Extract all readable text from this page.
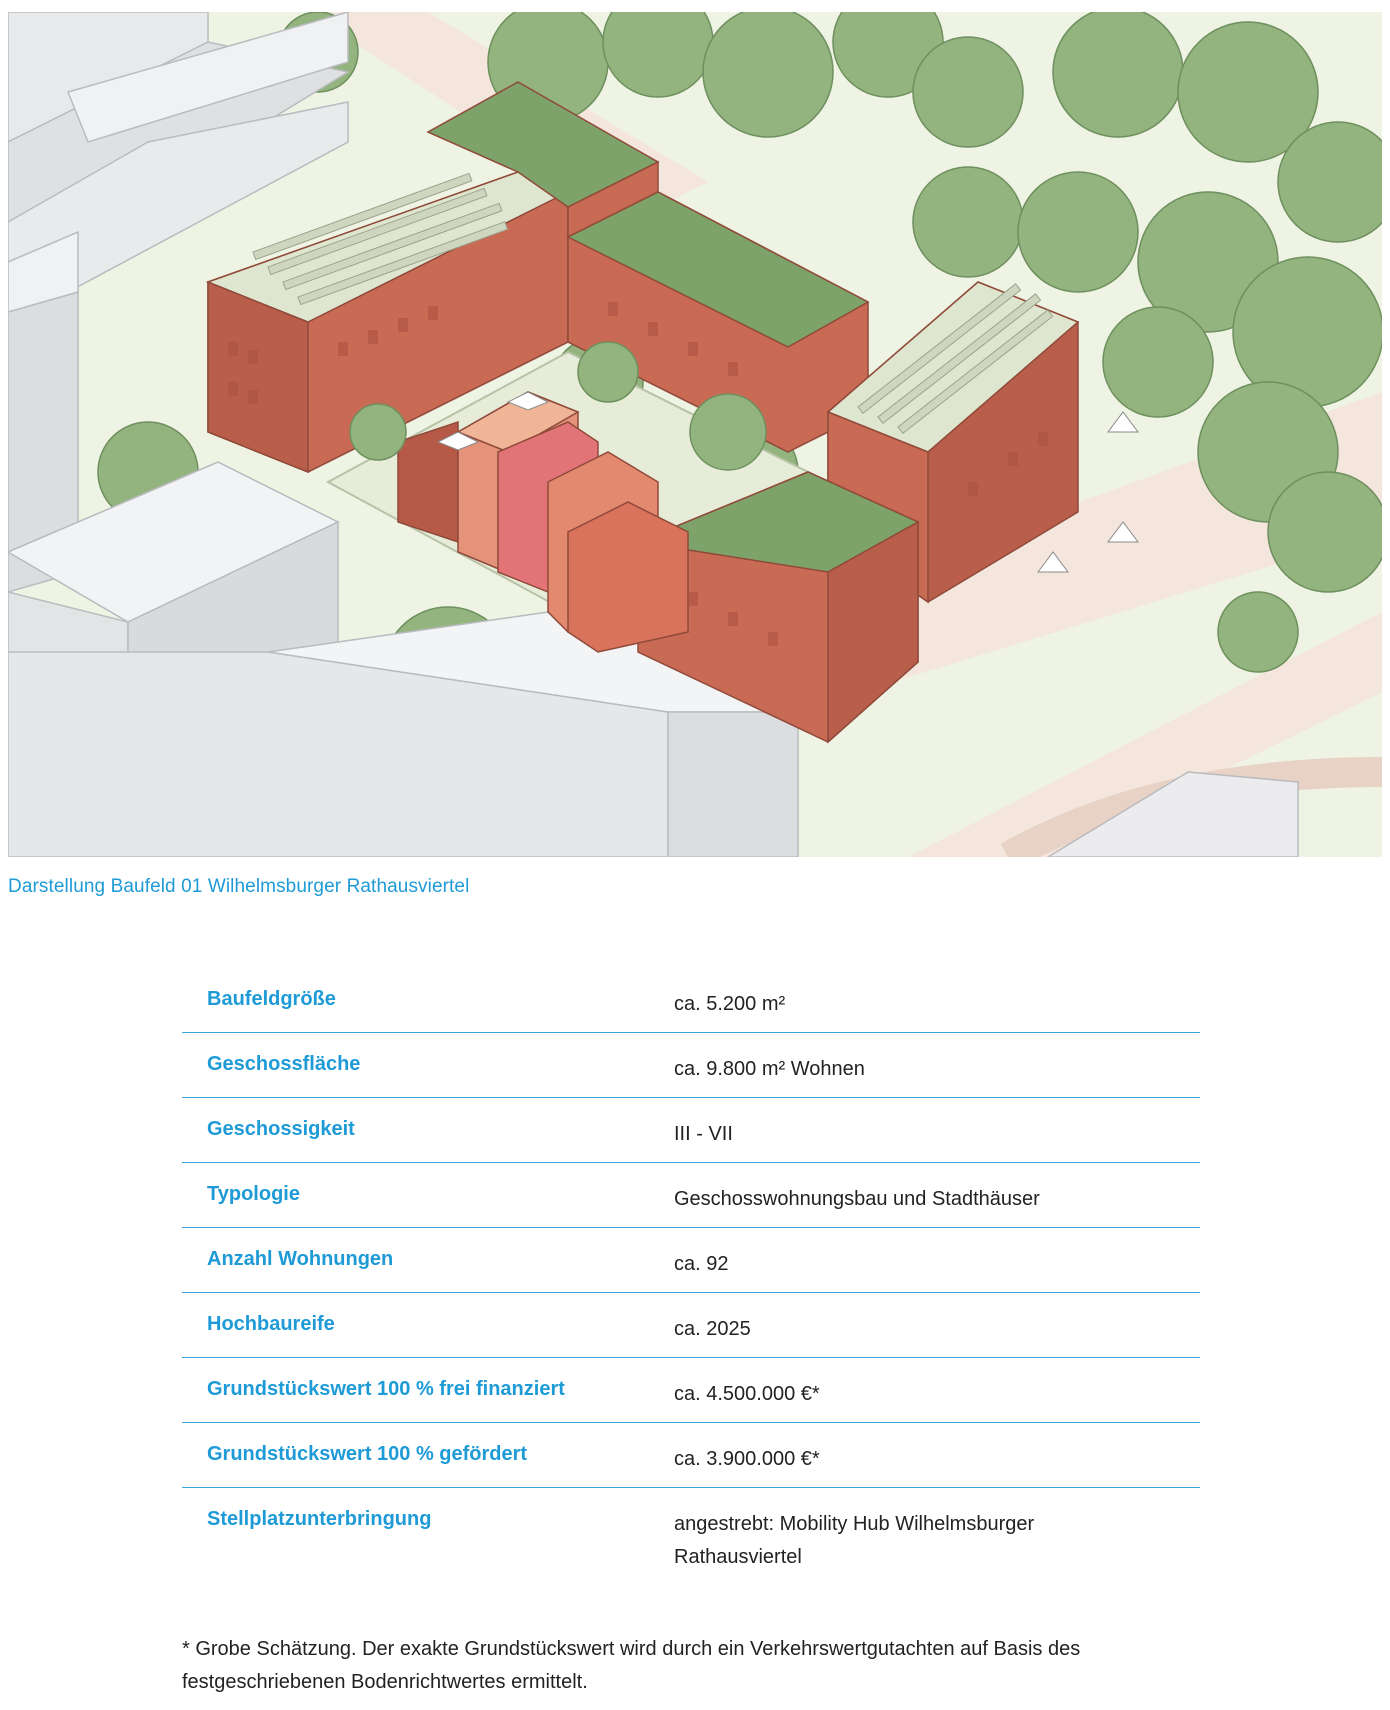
Darstellung Baufeld 01 Wilhelmsburger Rathausviertel
Baufeldgröße	ca. 5.200 m²
Geschossfläche	ca. 9.800 m² Wohnen
Geschossigkeit	III - VII
Typologie	Geschosswohnungsbau und Stadthäuser
Anzahl Wohnungen	ca. 92
Hochbaureife	ca. 2025
Grundstückswert 100 % frei finanziert	ca. 4.500.000 €*
Grundstückswert 100 % gefördert	ca. 3.900.000 €*
Stellplatzunterbringung	angestrebt: Mobility Hub Wilhelmsburger Rathausviertel
* Grobe Schätzung. Der exakte Grundstückswert wird durch ein Verkehrswertgutachten auf Basis des festgeschriebenen Bodenrichtwertes ermittelt.
